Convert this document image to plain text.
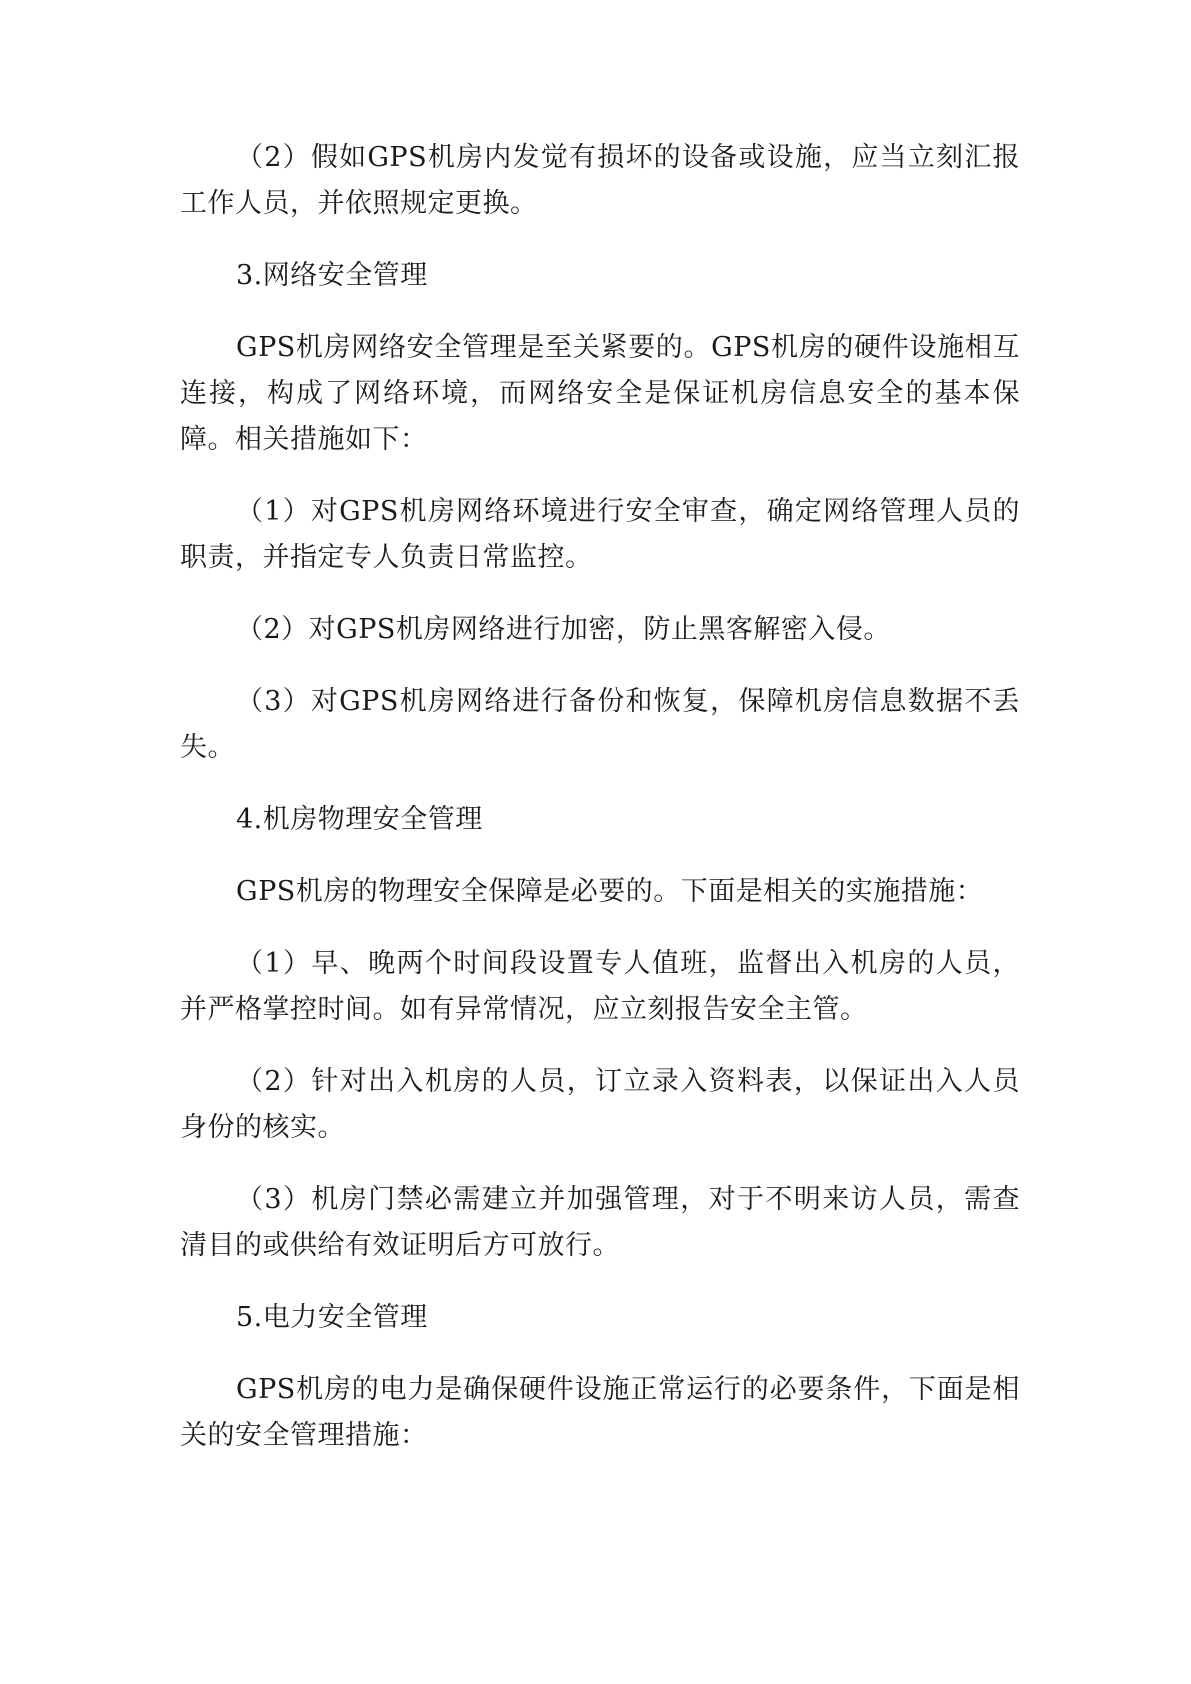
（2）假如GPS机房内发觉有损坏的设备或设施，应当立刻汇报工作人员，并依照规定更换。

3.网络安全管理

GPS机房网络安全管理是至关紧要的。GPS机房的硬件设施相互连接，构成了网络环境，而网络安全是保证机房信息安全的基本保障。相关措施如下：

（1）对GPS机房网络环境进行安全审查，确定网络管理人员的职责，并指定专人负责日常监控。

（2）对GPS机房网络进行加密，防止黑客解密入侵。

（3）对GPS机房网络进行备份和恢复，保障机房信息数据不丢失。

4.机房物理安全管理

GPS机房的物理安全保障是必要的。下面是相关的实施措施：

（1）早、晚两个时间段设置专人值班，监督出入机房的人员，并严格掌控时间。如有异常情况，应立刻报告安全主管。

（2）针对出入机房的人员，订立录入资料表，以保证出入人员身份的核实。

（3）机房门禁必需建立并加强管理，对于不明来访人员，需查清目的或供给有效证明后方可放行。

5.电力安全管理

GPS机房的电力是确保硬件设施正常运行的必要条件，下面是相关的安全管理措施：
